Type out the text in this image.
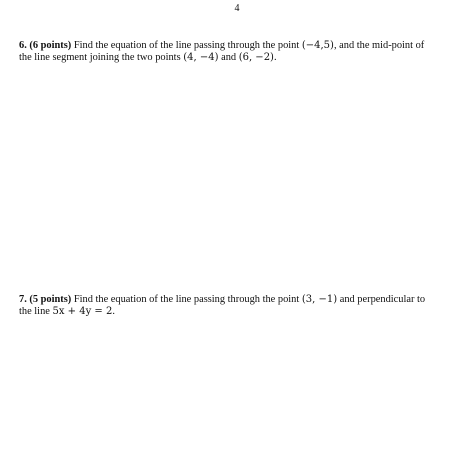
4
6. (6 points) Find the equation of the line passing through the point (−4,5), and the mid-point of
the line segment joining the two points (4, −4) and (6, −2).
7. (5 points) Find the equation of the line passing through the point (3, −1) and perpendicular to
the line 5x + 4y = 2.
